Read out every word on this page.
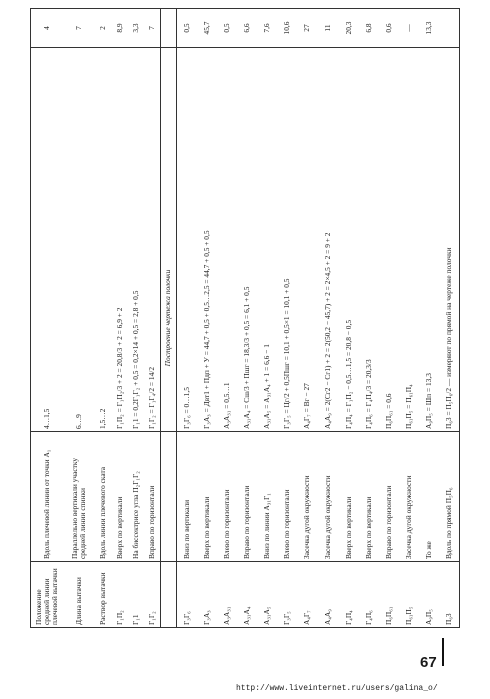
Положение средней линии плечевой вытачки
Вдоль плечевой линии от точки А₁
4…1,5
4
Длина вытачки
Параллельно вертикали участку средней линии спинки
6…9
7
Раствор вытачки
Вдоль линии плечевого ската
1,5…2
2
Г₁П₂
Вверх по вертикали
Г₁П₂ = Г₁П₂/3 + 2 = 20,8/3 + 2 = 6,9 + 2
8,9
Г₁1
На биссектрисе угла П₂Г₁Г₂
Г₁1 = 0,2Г₁Г₂ + 0,5 = 0,2×14 + 0,5 = 2,8 + 0,5
3,3
Г₁Г₂
Вправо по горизонтали
Г₁Г₂ = Г₁Г₄/2 = 14/2
7
Построение чертежа полочки
Г₃Г₆
Вниз по вертикали
Г₃Г₆ = 0…1,5
0,5
Г₃А₃
Вверх по вертикали
Г₃А₃ = Двт1 + Пдп + У = 44,7 + 0,5 + 0,5…2,5 = 44,7 + 0,5 + 0,5
45,7
А₃А₃₁
Влево по горизонтали
А₃А₃₁ = 0,5…1
0,5
А₃₁А₄
Вправо по горизонтали
А₃₁А₄ = Сш/3 + Пшг = 18,3/3 + 0,5 = 6,1 + 0,5
6,6
А₃₁А₅
Вниз по линии А₃₁Г₁
А₃₁А₅ = А₃₁А₄ + 1 = 6,6 − 1
7,6
Г₃Г₅
Влево по горизонтали
Г₃Г₅ = Цг/2 + 0,5Пшг = 10,1 + 0,5×1 = 10,1 + 0,5
10,6
А₄Г₇
Засечка дугой окружности
А₄Г₇ = Вг − 27
27
А₄А₉
Засечка дугой окружности
А₄А₉ = 2(Сг2 − Сг1) + 2 = 2(50,2 − 45,7) + 2 = 2×4,5 + 2 = 9 + 2
11
Г₄П₄
Вверх по вертикали
Г₄П₄ = Г₁П₂ − 0,5…1,5 = 20,8 − 0,5
20,3
Г₄П₆
Вверх по вертикали
Г₄П₆ = Г₄П₄/3 = 20,3/3
6,8
П₆П₆₁
Вправо по горизонтали
П₆П₆₁ = 0,6
0,6
П₆₁П₅
Засечка дугой окружности
П₆₁П₅ = П₆₁П₄
—
А₉П₅
То же
А₉П₅ = Шп = 13,3
13,3
П₆3
Вдоль по прямой П₅П₆
П₆3 = П₅П₆/2 — измеряют по прямой на чертеже полочки
67
http://www.liveinternet.ru/users/galina_o/
